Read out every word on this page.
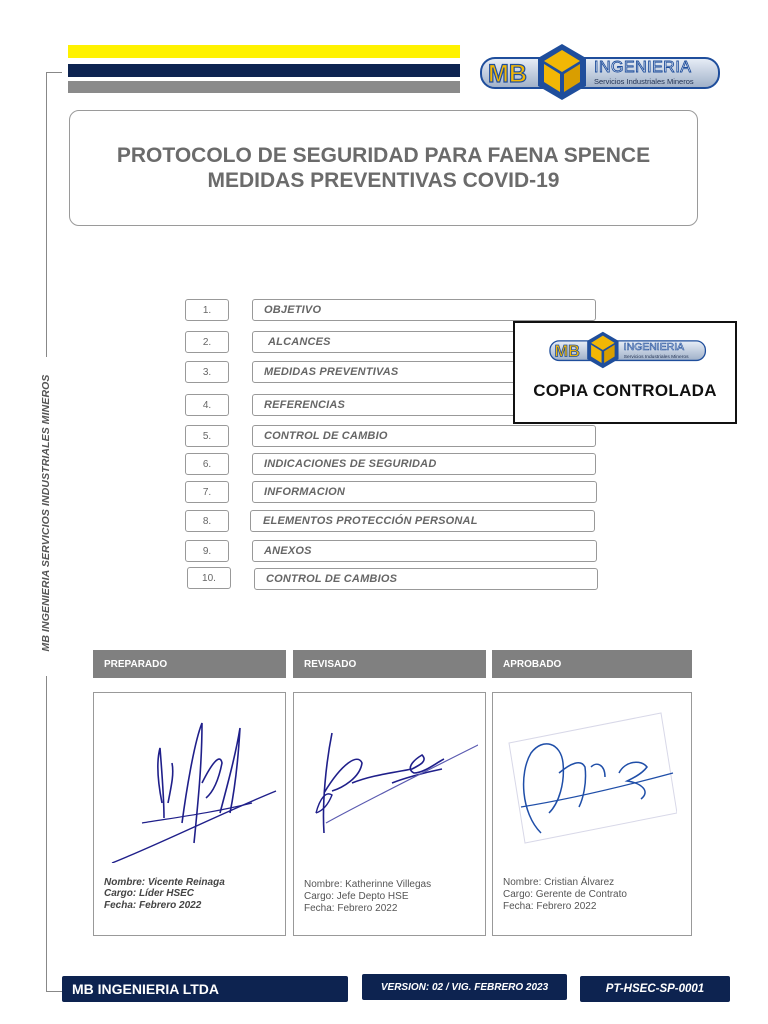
MB INGENIERIA SERVICIOS INDUSTRIALES MINEROS
MB	INGENIERIA
Servicios Industriales Mineros
PROTOCOLO DE SEGURIDAD PARA FAENA SPENCE
MEDIDAS PREVENTIVAS COVID-19
1.	OBJETIVO
2.	ALCANCES
3.	MEDIDAS PREVENTIVAS
4.	REFERENCIAS
5.	CONTROL DE CAMBIO
6.	INDICACIONES DE SEGURIDAD
7.	INFORMACION
8.	ELEMENTOS PROTECCIÓN PERSONAL
9.	ANEXOS
10.	CONTROL DE CAMBIOS
MB	INGENIERIA
Servicios Industriales Mineros
COPIA CONTROLADA
PREPARADO	REVISADO	APROBADO
Nombre: Vicente Reinaga
Cargo: Líder HSEC
Fecha: Febrero 2022
Nombre: Katherinne Villegas
Cargo: Jefe Depto HSE
Fecha: Febrero 2022
Nombre: Cristian Álvarez
Cargo: Gerente de Contrato
Fecha: Febrero 2022
MB INGENIERIA LTDA	VERSION: 02 / VIG. FEBRERO 2023	PT-HSEC-SP-0001
